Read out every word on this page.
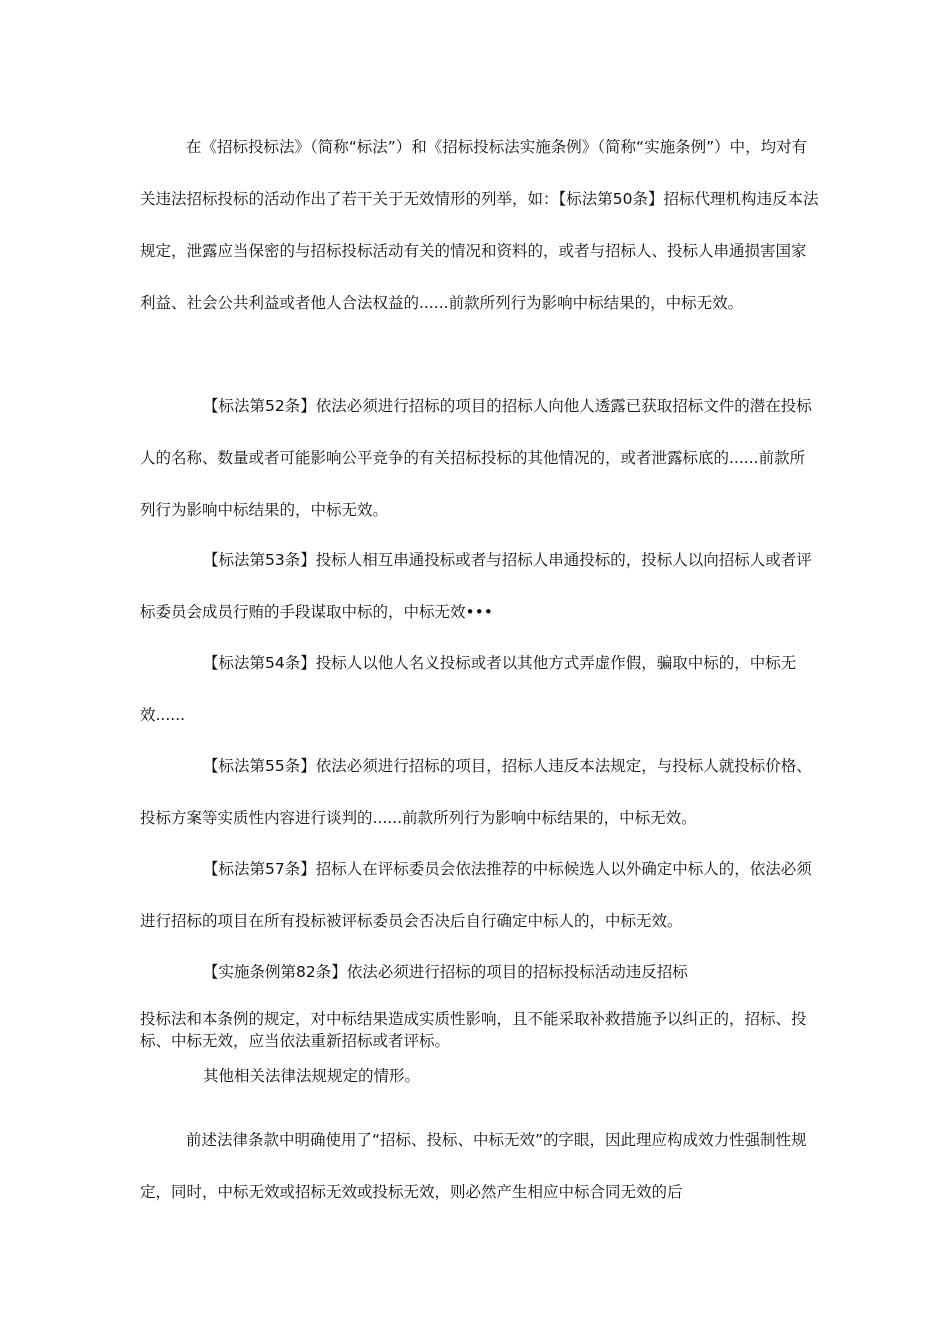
在《招标投标法》（简称“标法”）和《招标投标法实施条例》（简称“实施条例”）中，均对有关违法招标投标的活动作出了若干关于无效情形的列举，如：【标法第50条】招标代理机构违反本法规定，泄露应当保密的与招标投标活动有关的情况和资料的，或者与招标人、投标人串通损害国家利益、社会公共利益或者他人合法权益的......前款所列行为影响中标结果的，中标无效。

【标法第52条】依法必须进行招标的项目的招标人向他人透露已获取招标文件的潜在投标人的名称、数量或者可能影响公平竞争的有关招标投标的其他情况的，或者泄露标底的......前款所列行为影响中标结果的，中标无效。

【标法第53条】投标人相互串通投标或者与招标人串通投标的，投标人以向招标人或者评标委员会成员行贿的手段谋取中标的，中标无效•••

【标法第54条】投标人以他人名义投标或者以其他方式弄虚作假，骗取中标的，中标无效......

【标法第55条】依法必须进行招标的项目，招标人违反本法规定，与投标人就投标价格、投标方案等实质性内容进行谈判的......前款所列行为影响中标结果的，中标无效。

【标法第57条】招标人在评标委员会依法推荐的中标候选人以外确定中标人的，依法必须进行招标的项目在所有投标被评标委员会否决后自行确定中标人的，中标无效。

【实施条例第82条】依法必须进行招标的项目的招标投标活动违反招标

投标法和本条例的规定，对中标结果造成实质性影响，且不能采取补救措施予以纠正的，招标、投标、中标无效，应当依法重新招标或者评标。

其他相关法律法规规定的情形。

前述法律条款中明确使用了“招标、投标、中标无效”的字眼，因此理应构成效力性强制性规定，同时，中标无效或招标无效或投标无效，则必然产生相应中标合同无效的后
